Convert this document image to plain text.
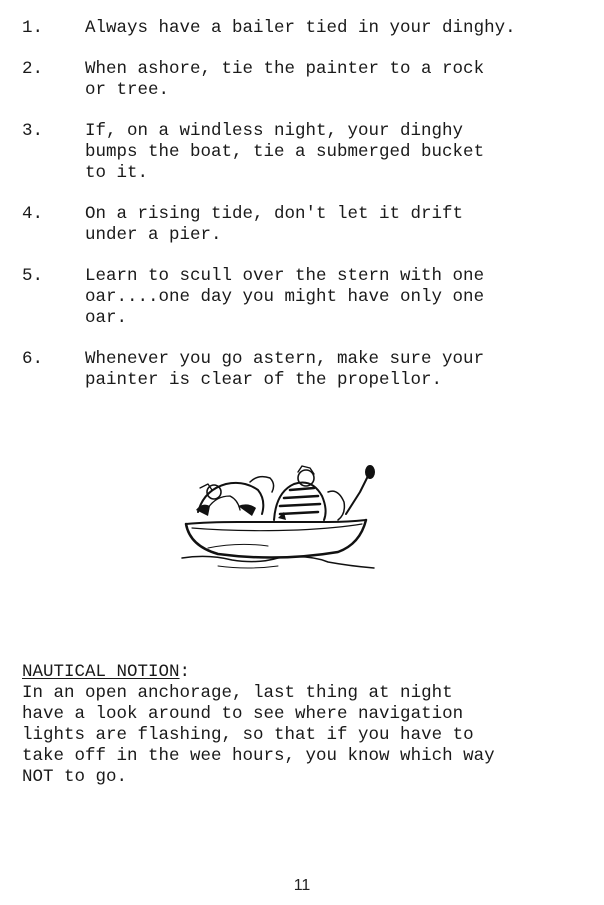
1.	Always have a bailer tied in your dinghy.
2.	When ashore, tie the painter to a rock
or tree.
3.	If, on a windless night, your dinghy
bumps the boat, tie a submerged bucket
to it.
4.	On a rising tide, don't let it drift
under a pier.
5.	Learn to scull over the stern with one
oar....one day you might have only one
oar.
6.	Whenever you go astern, make sure your
painter is clear of the propellor.
NAUTICAL NOTION:

In an open anchorage, last thing at night
have a look around to see where navigation
lights are flashing, so that if you have to
take off in the wee hours, you know which way
NOT to go.

11
